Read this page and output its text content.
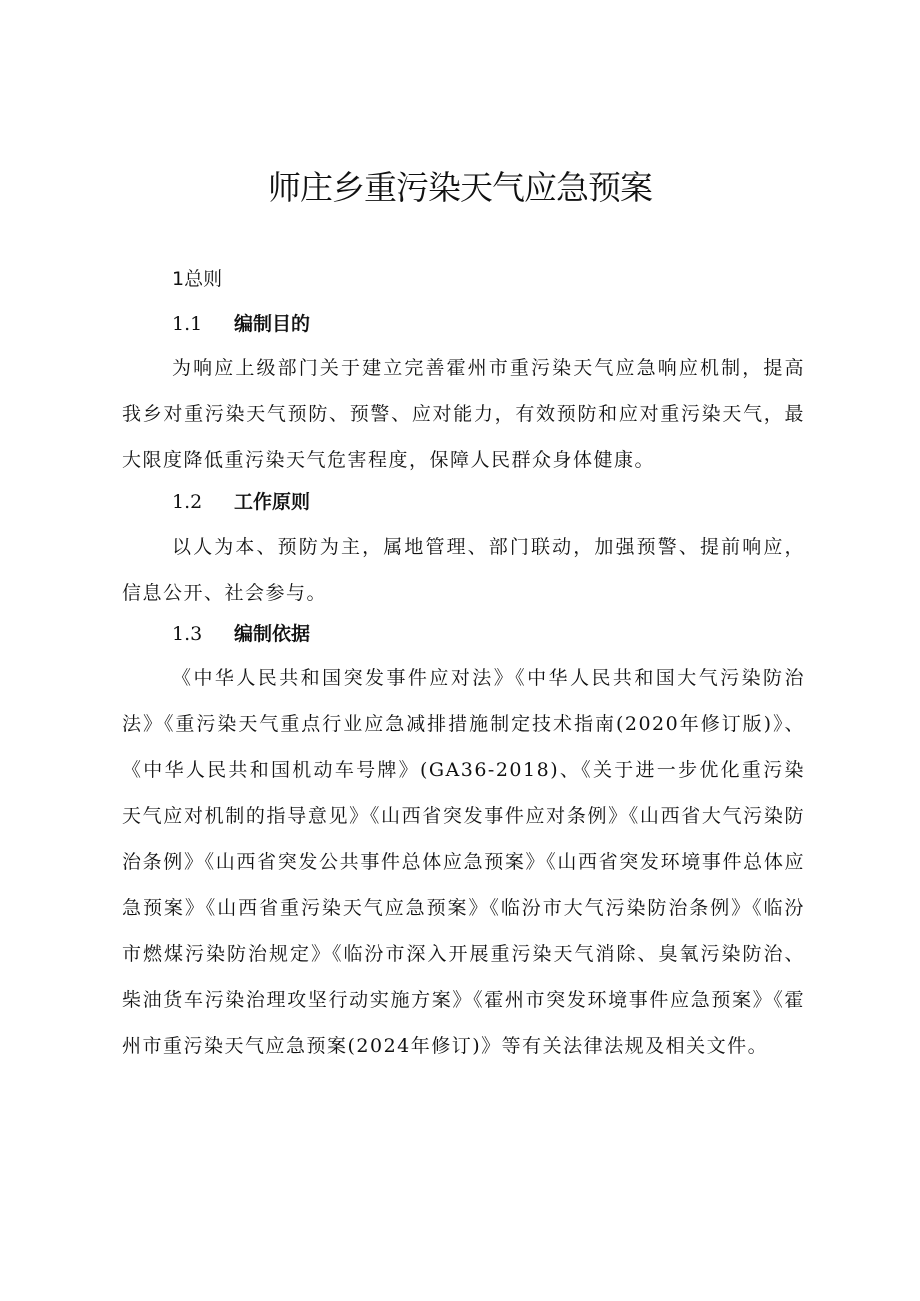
师庄乡重污染天气应急预案
1总则
1.1 编制目的

为响应上级部门关于建立完善霍州市重污染天气应急响应机制，提高我乡对重污染天气预防、预警、应对能力，有效预防和应对重污染天气，最大限度降低重污染天气危害程度，保障人民群众身体健康。

1.2 工作原则

以人为本、预防为主，属地管理、部门联动，加强预警、提前响应，信息公开、社会参与。

1.3 编制依据

《中华人民共和国突发事件应对法》《中华人民共和国大气污染防治法》《重污染天气重点行业应急减排措施制定技术指南(2020年修订版)》、《中华人民共和国机动车号牌》(GA36-2018)、《关于进一步优化重污染天气应对机制的指导意见》《山西省突发事件应对条例》《山西省大气污染防治条例》《山西省突发公共事件总体应急预案》《山西省突发环境事件总体应急预案》《山西省重污染天气应急预案》《临汾市大气污染防治条例》《临汾市燃煤污染防治规定》《临汾市深入开展重污染天气消除、臭氧污染防治、柴油货车污染治理攻坚行动实施方案》《霍州市突发环境事件应急预案》《霍州市重污染天气应急预案(2024年修订)》等有关法律法规及相关文件。
